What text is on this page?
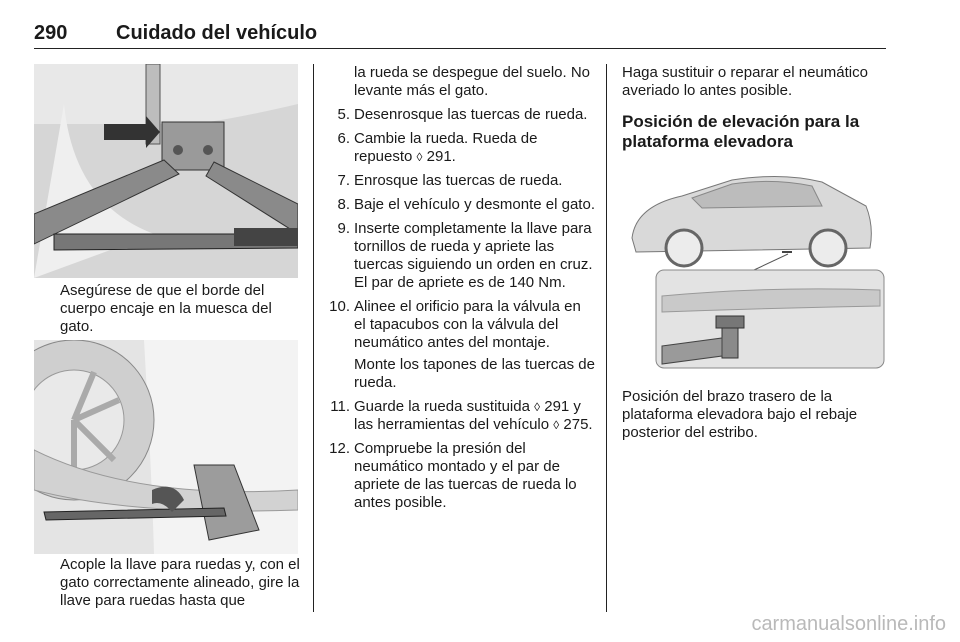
290 Cuidado del vehículo
Asegúrese de que el borde del cuerpo encaje en la muesca del gato.
Acople la llave para ruedas y, con el gato correctamente alineado, gire la llave para ruedas hasta que
la rueda se despegue del suelo. No levante más el gato.
5. Desenrosque las tuercas de rueda.
6. Cambie la rueda. Rueda de repuesto ◊ 291.
7. Enrosque las tuercas de rueda.
8. Baje el vehículo y desmonte el gato.
9. Inserte completamente la llave para tornillos de rueda y apriete las tuercas siguiendo un orden en cruz. El par de apriete es de 140 Nm.
10. Alinee el orificio para la válvula en el tapacubos con la válvula del neumático antes del montaje.
Monte los tapones de las tuercas de rueda.
11. Guarde la rueda sustituida ◊ 291 y las herramientas del vehículo ◊ 275.
12. Compruebe la presión del neumático montado y el par de apriete de las tuercas de rueda lo antes posible.
Haga sustituir o reparar el neumático averiado lo antes posible.
Posición de elevación para la plataforma elevadora
Posición del brazo trasero de la plataforma elevadora bajo el rebaje posterior del estribo.
carmanualsonline.info
